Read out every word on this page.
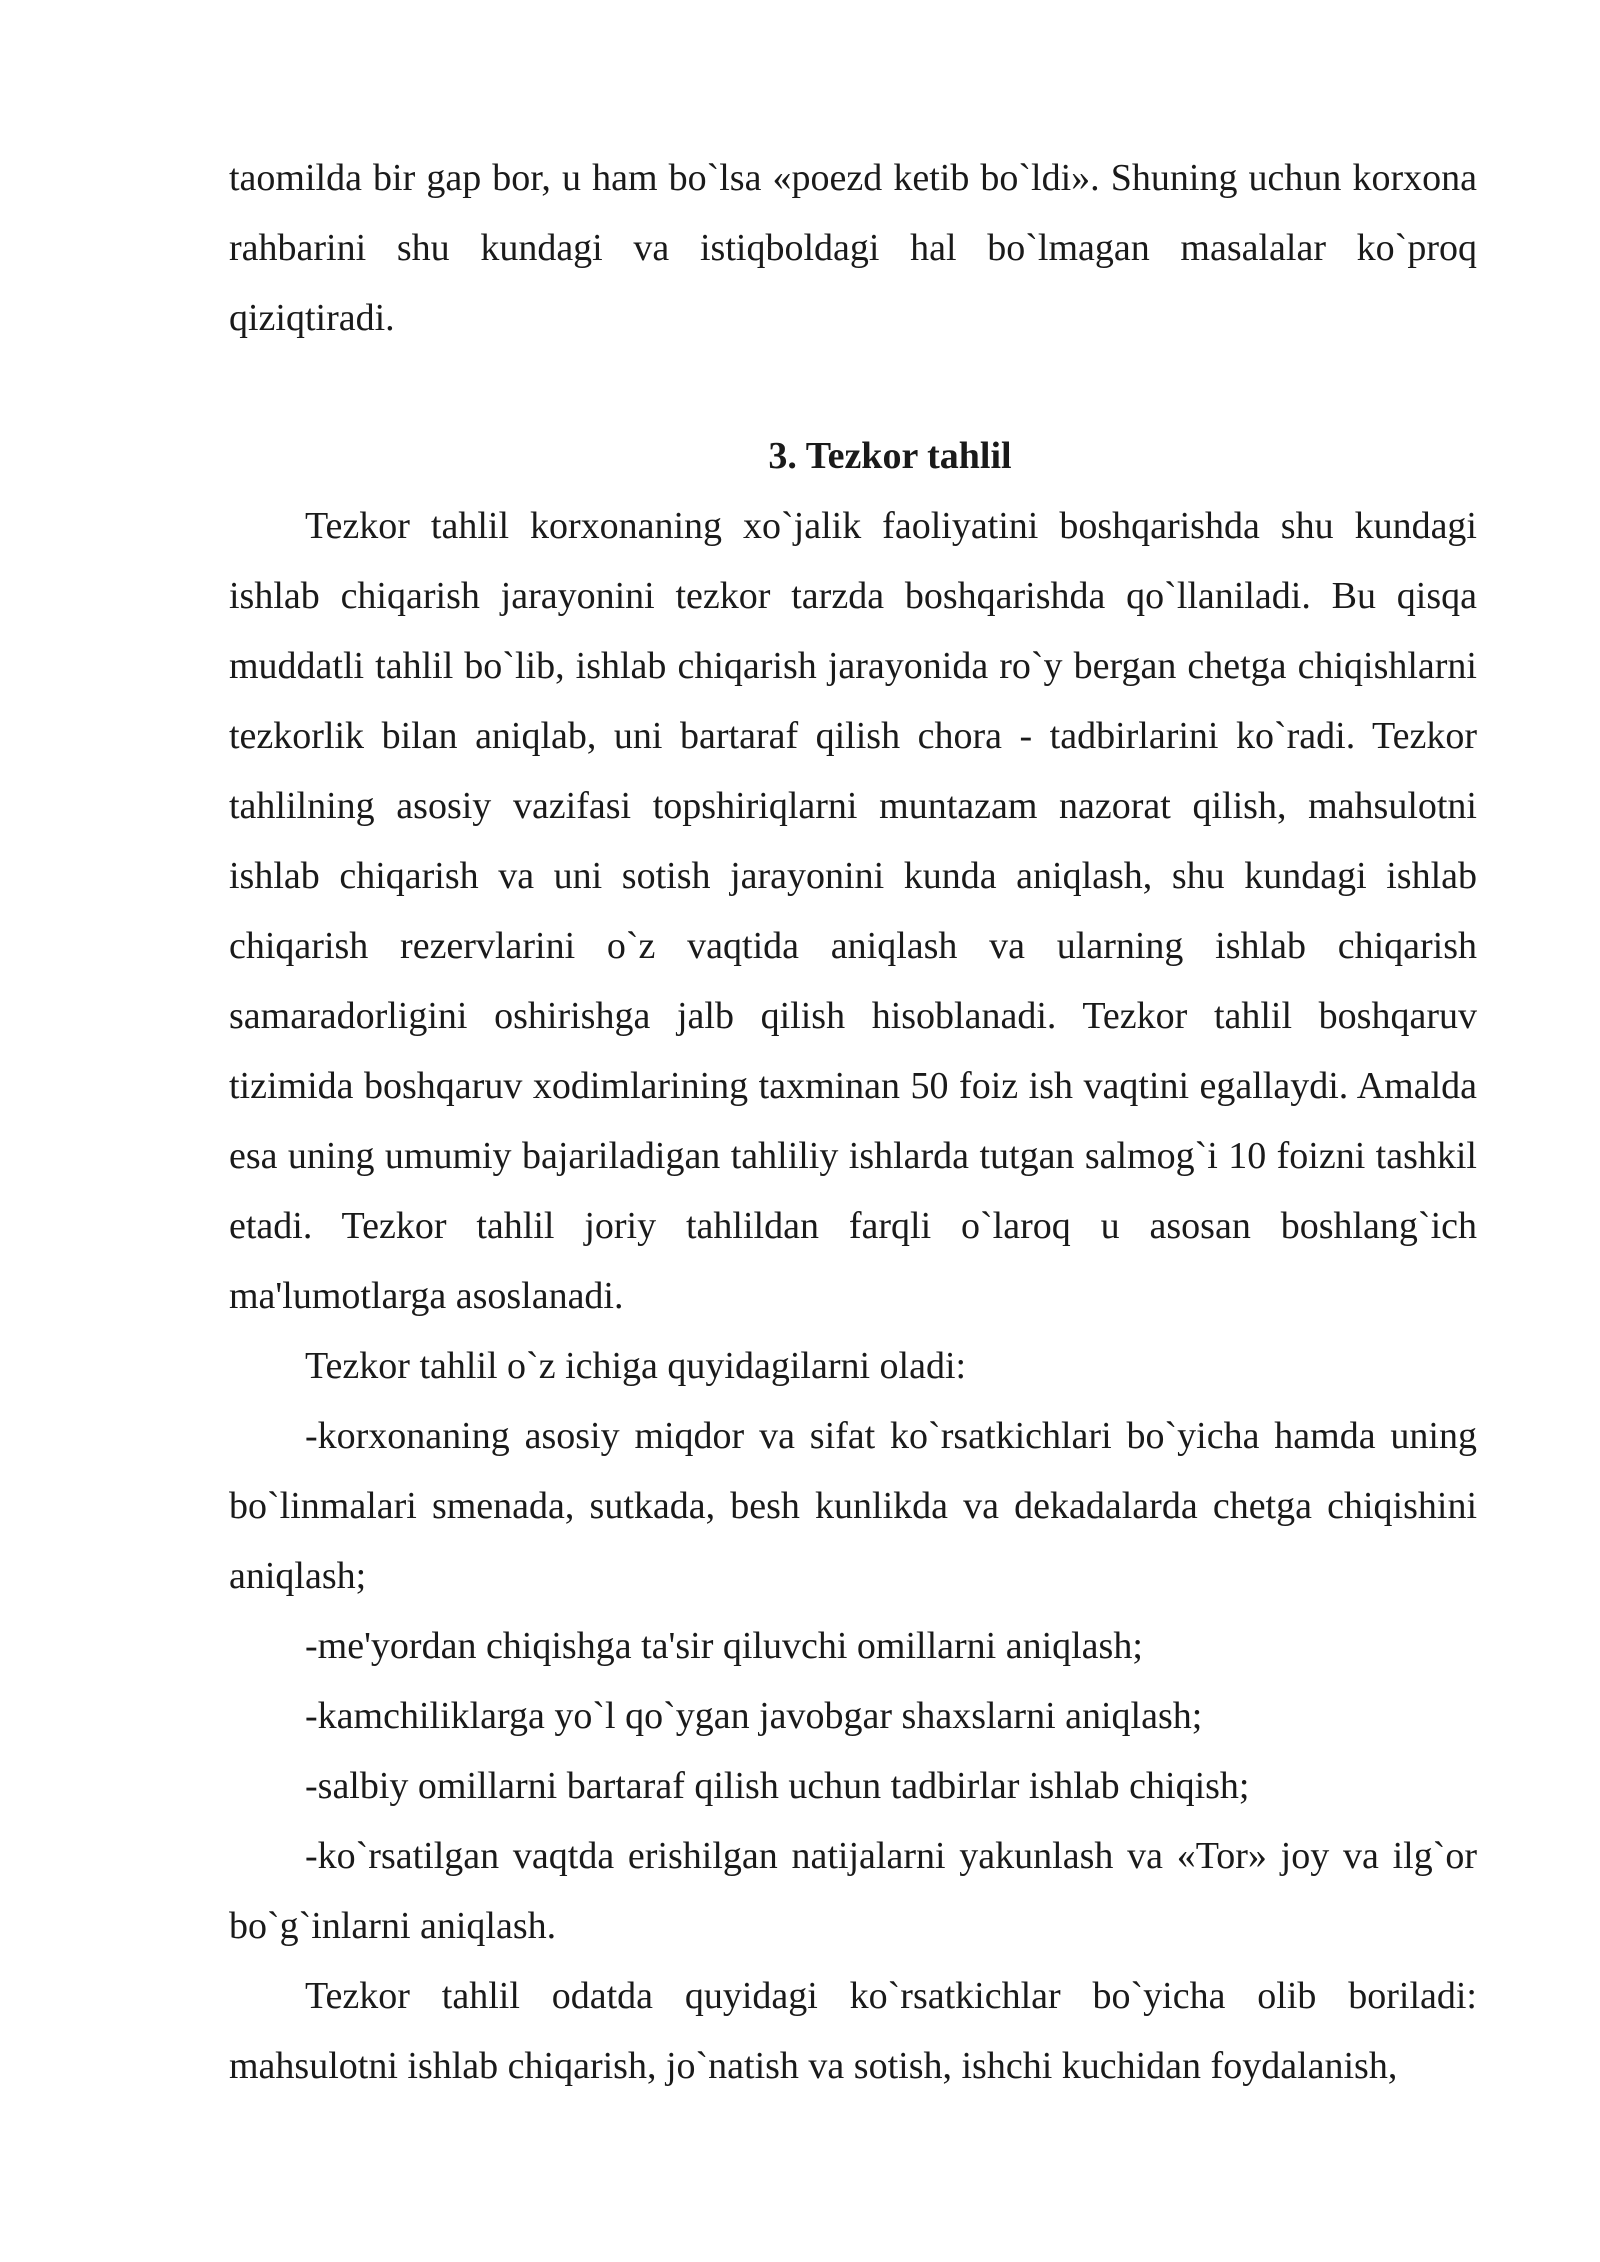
taomilda bir gap bor, u ham bo`lsa «poezd ketib bo`ldi». Shuning uchun korxona rahbarini shu kundagi va istiqboldagi hal bo`lmagan masalalar ko`proq qiziqtiradi.

3. Tezkor tahlil

Tezkor tahlil korxonaning xo`jalik faoliyatini boshqarishda shu kundagi ishlab chiqarish jarayonini tezkor tarzda boshqarishda qo`llaniladi. Bu qisqa muddatli tahlil bo`lib, ishlab chiqarish jarayonida ro`y bergan chetga chiqishlarni tezkorlik bilan aniqlab, uni bartaraf qilish chora - tadbirlarini ko`radi. Tezkor tahlilning asosiy vazifasi topshiriqlarni muntazam nazorat qilish, mahsulotni ishlab chiqarish va uni sotish jarayonini kunda aniqlash, shu kundagi ishlab chiqarish rezervlarini o`z vaqtida aniqlash va ularning ishlab chiqarish samaradorligini oshirishga jalb qilish hisoblanadi. Tezkor tahlil boshqaruv tizimida boshqaruv xodimlarining taxminan 50 foiz ish vaqtini egallaydi. Amalda esa uning umumiy bajariladigan tahliliy ishlarda tutgan salmog`i 10 foizni tashkil etadi. Tezkor tahlil joriy tahlildan farqli o`laroq u asosan boshlang`ich ma'lumotlarga asoslanadi.

Tezkor tahlil o`z ichiga quyidagilarni oladi:

-korxonaning asosiy miqdor va sifat ko`rsatkichlari bo`yicha hamda uning bo`linmalari smenada, sutkada, besh kunlikda va dekadalarda chetga chiqishini aniqlash;

-me'yordan chiqishga ta'sir qiluvchi omillarni aniqlash;

-kamchiliklarga yo`l qo`ygan javobgar shaxslarni aniqlash;

-salbiy omillarni bartaraf qilish uchun tadbirlar ishlab chiqish;

-ko`rsatilgan vaqtda erishilgan natijalarni yakunlash va «Tor» joy va ilg`or bo`g`inlarni aniqlash.

Tezkor tahlil odatda quyidagi ko`rsatkichlar bo`yicha olib boriladi: mahsulotni ishlab chiqarish, jo`natish va sotish, ishchi kuchidan foydalanish,
